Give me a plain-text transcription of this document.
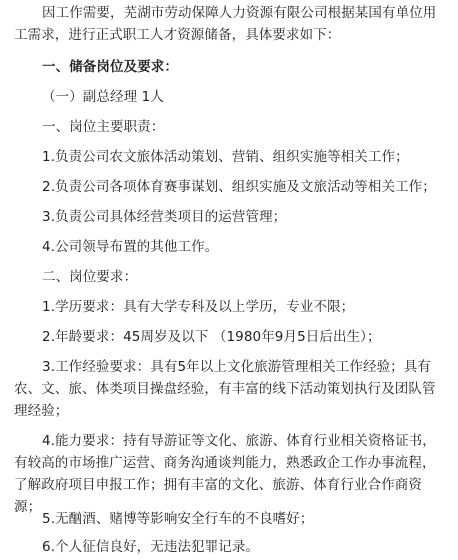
因工作需要，芜湖市劳动保障人力资源有限公司根据某国有单位用工需求，进行正式职工人才资源储备，具体要求如下：

一、储备岗位及要求：

（一）副总经理 1人

一、岗位主要职责：

1.负责公司农文旅体活动策划、营销、组织实施等相关工作；

2.负责公司各项体育赛事谋划、组织实施及文旅活动等相关工作；

3.负责公司具体经营类项目的运营管理；

4.公司领导布置的其他工作。

二、岗位要求：

1.学历要求：具有大学专科及以上学历，专业不限；

2.年龄要求：45周岁及以下 （1980年9月5日后出生）；

3.工作经验要求：具有5年以上文化旅游管理相关工作经验；具有农、文、旅、体类项目操盘经验，有丰富的线下活动策划执行及团队管理经验；

4.能力要求：持有导游证等文化、旅游、体育行业相关资格证书，有较高的市场推广运营、商务沟通谈判能力，熟悉政企工作办事流程，了解政府项目申报工作；拥有丰富的文化、旅游、体育行业合作商资源；

5.无酗酒、赌博等影响安全行车的不良嗜好；

6.个人征信良好，无违法犯罪记录。
